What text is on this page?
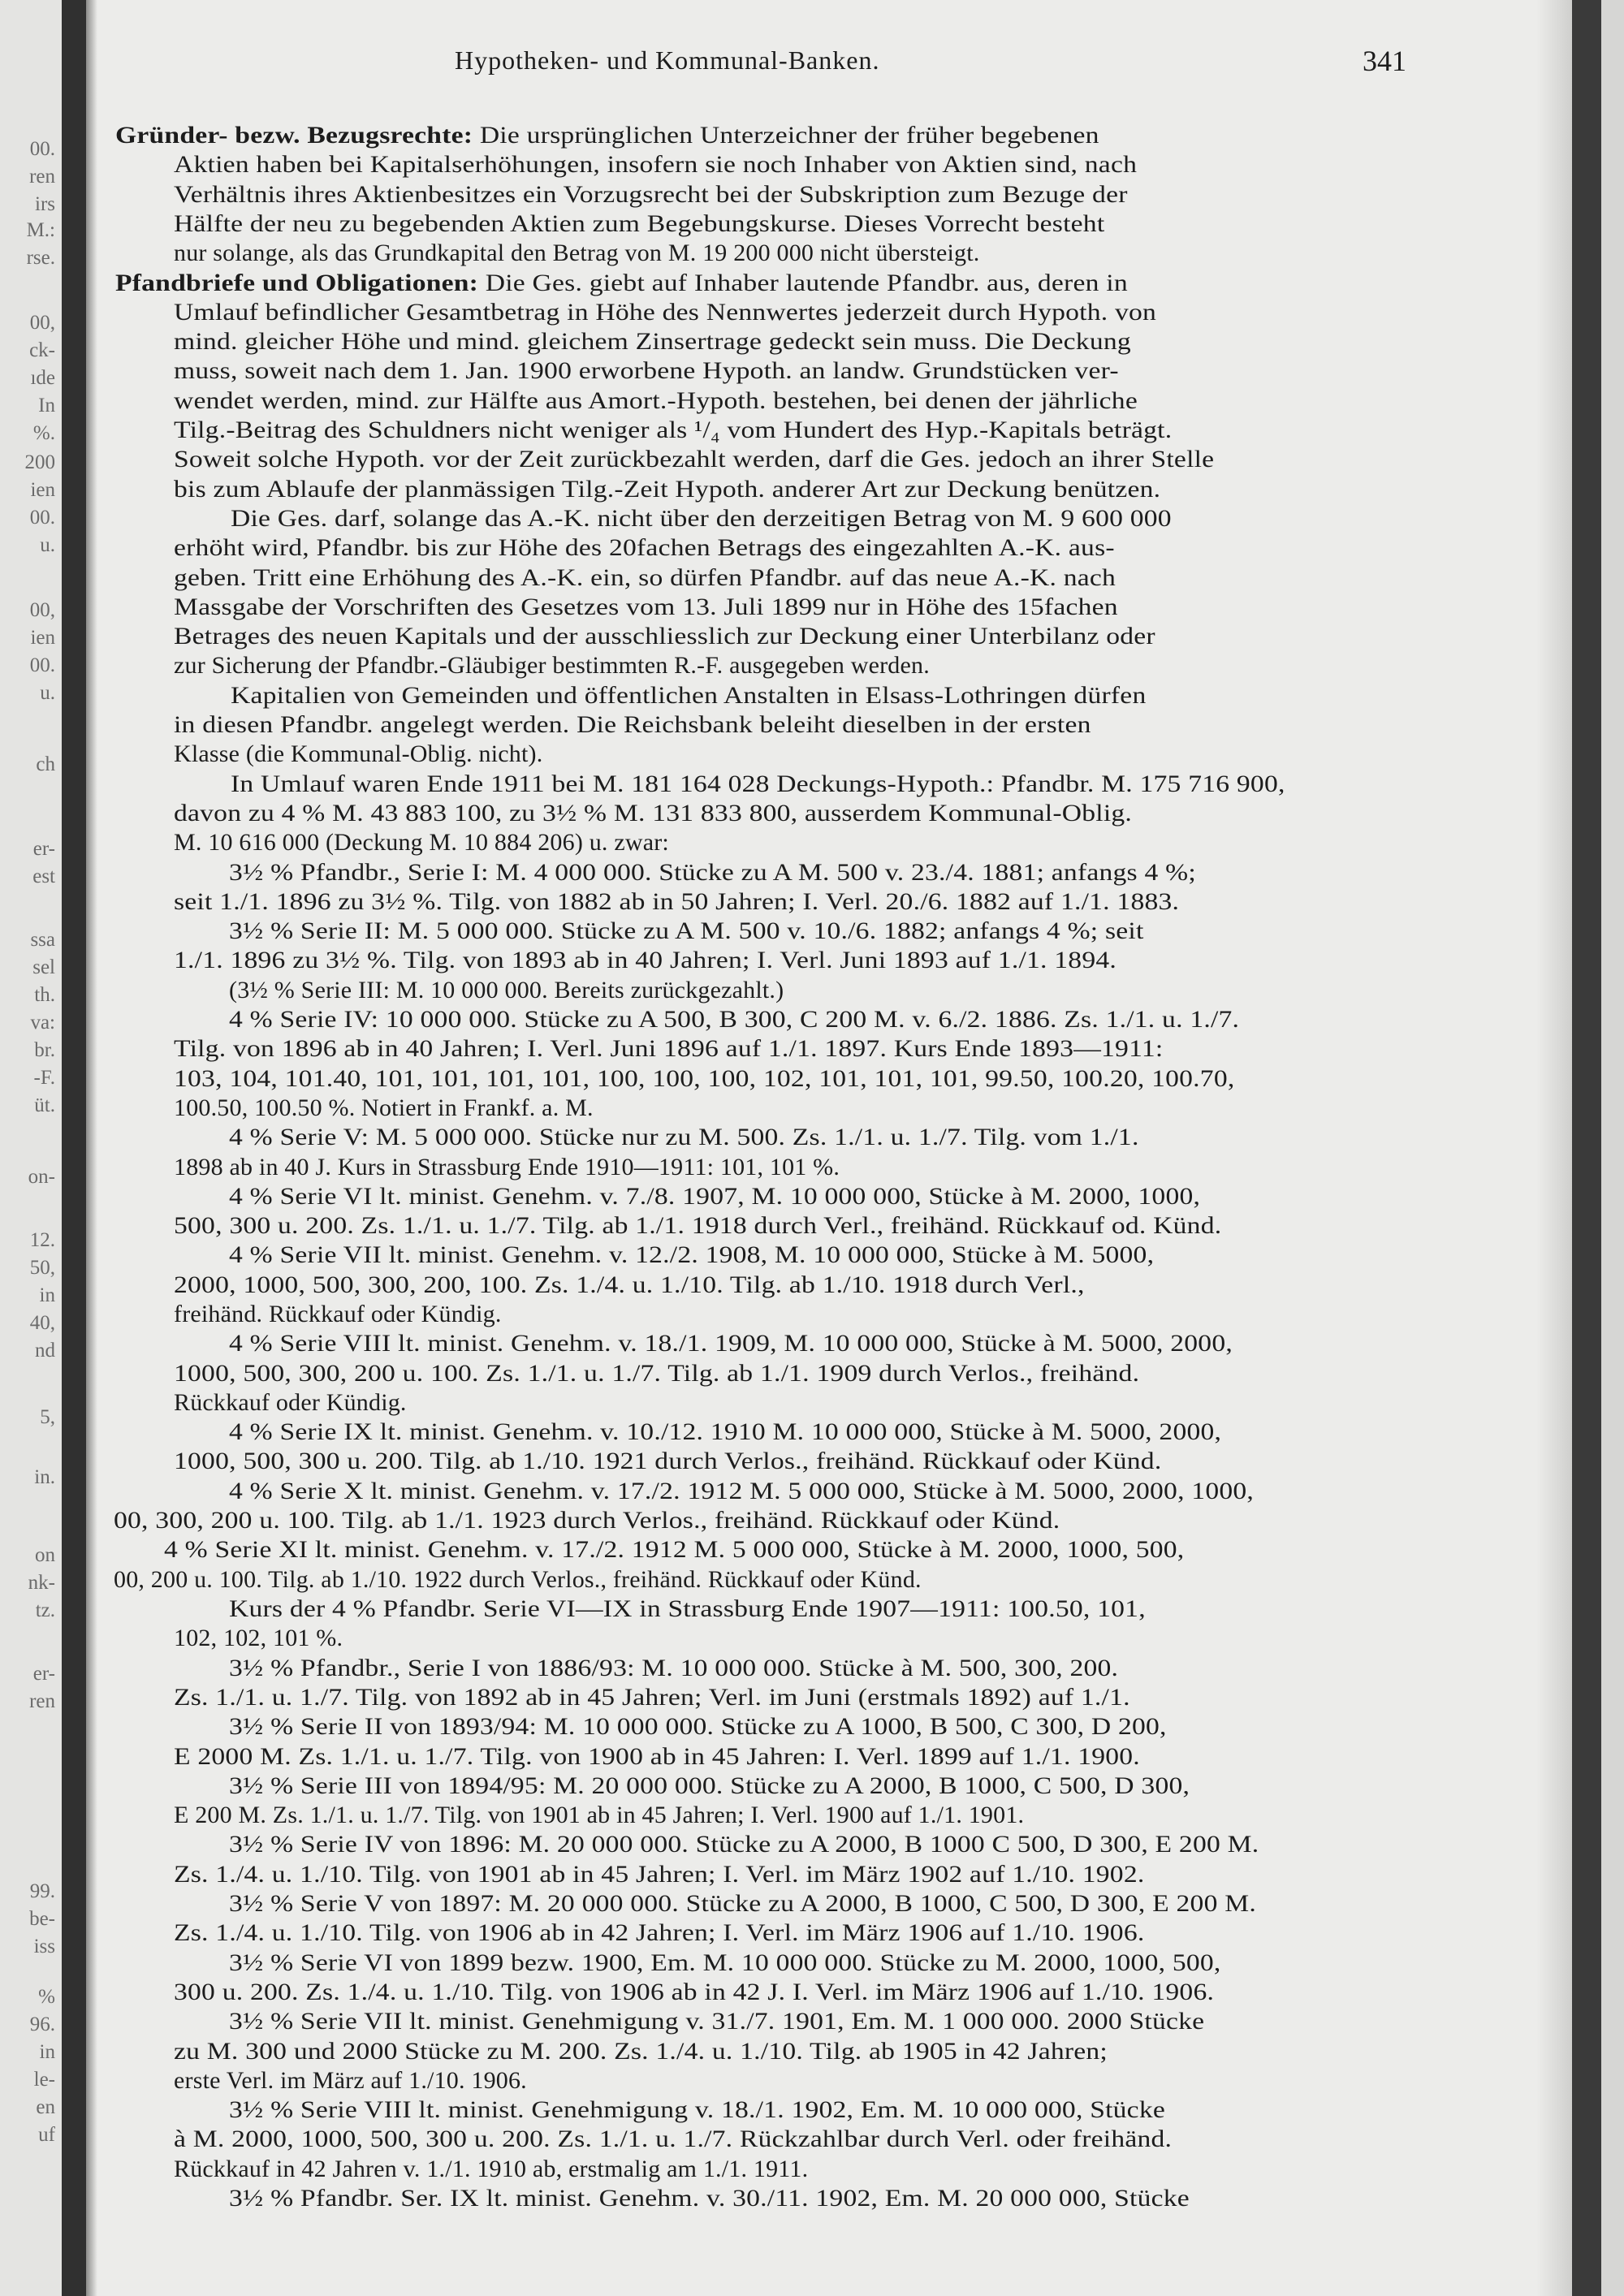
00.
ren
irs
M.:
rse.
00,
ck-
ıde
In
%.
200
ien
00.
u.
00,
ien
00.
u.
ch
er-
est
ssa
sel
th.
va:
br.
-F.
üt.
on-
12.
50,
in
40,
nd
5,
in.
on
nk-
tz.
er-
ren
99.
be-
iss
%
96.
in
le-
en
uf
Hypotheken- und Kommunal-Banken.	341
Gründer- bezw. Bezugsrechte: Die ursprünglichen Unterzeichner der früher begebenen
Aktien haben bei Kapitalserhöhungen, insofern sie noch Inhaber von Aktien sind, nach
Verhältnis ihres Aktienbesitzes ein Vorzugsrecht bei der Subskription zum Bezuge der
Hälfte der neu zu begebenden Aktien zum Begebungskurse. Dieses Vorrecht besteht
nur solange, als das Grundkapital den Betrag von M. 19 200 000 nicht übersteigt.
Pfandbriefe und Obligationen: Die Ges. giebt auf Inhaber lautende Pfandbr. aus, deren in
Umlauf befindlicher Gesamtbetrag in Höhe des Nennwertes jederzeit durch Hypoth. von
mind. gleicher Höhe und mind. gleichem Zinsertrage gedeckt sein muss. Die Deckung
muss, soweit nach dem 1. Jan. 1900 erworbene Hypoth. an landw. Grundstücken ver-
wendet werden, mind. zur Hälfte aus Amort.-Hypoth. bestehen, bei denen der jährliche
Tilg.-Beitrag des Schuldners nicht weniger als ¹/₄ vom Hundert des Hyp.-Kapitals beträgt.
Soweit solche Hypoth. vor der Zeit zurückbezahlt werden, darf die Ges. jedoch an ihrer Stelle
bis zum Ablaufe der planmässigen Tilg.-Zeit Hypoth. anderer Art zur Deckung benützen.
Die Ges. darf, solange das A.-K. nicht über den derzeitigen Betrag von M. 9 600 000
erhöht wird, Pfandbr. bis zur Höhe des 20fachen Betrags des eingezahlten A.-K. aus-
geben. Tritt eine Erhöhung des A.-K. ein, so dürfen Pfandbr. auf das neue A.-K. nach
Massgabe der Vorschriften des Gesetzes vom 13. Juli 1899 nur in Höhe des 15fachen
Betrages des neuen Kapitals und der ausschliesslich zur Deckung einer Unterbilanz oder
zur Sicherung der Pfandbr.-Gläubiger bestimmten R.-F. ausgegeben werden.
Kapitalien von Gemeinden und öffentlichen Anstalten in Elsass-Lothringen dürfen
in diesen Pfandbr. angelegt werden. Die Reichsbank beleiht dieselben in der ersten
Klasse (die Kommunal-Oblig. nicht).
In Umlauf waren Ende 1911 bei M. 181 164 028 Deckungs-Hypoth.: Pfandbr. M. 175 716 900,
davon zu 4 % M. 43 883 100, zu 3½ % M. 131 833 800, ausserdem Kommunal-Oblig.
M. 10 616 000 (Deckung M. 10 884 206) u. zwar:
3½ % Pfandbr., Serie I: M. 4 000 000. Stücke zu A M. 500 v. 23./4. 1881; anfangs 4 %;
seit 1./1. 1896 zu 3½ %. Tilg. von 1882 ab in 50 Jahren; I. Verl. 20./6. 1882 auf 1./1. 1883.
3½ % Serie II: M. 5 000 000. Stücke zu A M. 500 v. 10./6. 1882; anfangs 4 %; seit
1./1. 1896 zu 3½ %. Tilg. von 1893 ab in 40 Jahren; I. Verl. Juni 1893 auf 1./1. 1894.
(3½ % Serie III: M. 10 000 000. Bereits zurückgezahlt.)
4 % Serie IV: 10 000 000. Stücke zu A 500, B 300, C 200 M. v. 6./2. 1886. Zs. 1./1. u. 1./7.
Tilg. von 1896 ab in 40 Jahren; I. Verl. Juni 1896 auf 1./1. 1897. Kurs Ende 1893—1911:
103, 104, 101.40, 101, 101, 101, 101, 100, 100, 100, 102, 101, 101, 101, 99.50, 100.20, 100.70,
100.50, 100.50 %. Notiert in Frankf. a. M.
4 % Serie V: M. 5 000 000. Stücke nur zu M. 500. Zs. 1./1. u. 1./7. Tilg. vom 1./1.
1898 ab in 40 J. Kurs in Strassburg Ende 1910—1911: 101, 101 %.
4 % Serie VI lt. minist. Genehm. v. 7./8. 1907, M. 10 000 000, Stücke à M. 2000, 1000,
500, 300 u. 200. Zs. 1./1. u. 1./7. Tilg. ab 1./1. 1918 durch Verl., freihänd. Rückkauf od. Künd.
4 % Serie VII lt. minist. Genehm. v. 12./2. 1908, M. 10 000 000, Stücke à M. 5000,
2000, 1000, 500, 300, 200, 100. Zs. 1./4. u. 1./10. Tilg. ab 1./10. 1918 durch Verl.,
freihänd. Rückkauf oder Kündig.
4 % Serie VIII lt. minist. Genehm. v. 18./1. 1909, M. 10 000 000, Stücke à M. 5000, 2000,
1000, 500, 300, 200 u. 100. Zs. 1./1. u. 1./7. Tilg. ab 1./1. 1909 durch Verlos., freihänd.
Rückkauf oder Kündig.
4 % Serie IX lt. minist. Genehm. v. 10./12. 1910 M. 10 000 000, Stücke à M. 5000, 2000,
1000, 500, 300 u. 200. Tilg. ab 1./10. 1921 durch Verlos., freihänd. Rückkauf oder Künd.
4 % Serie X lt. minist. Genehm. v. 17./2. 1912 M. 5 000 000, Stücke à M. 5000, 2000, 1000,
00, 300, 200 u. 100. Tilg. ab 1./1. 1923 durch Verlos., freihänd. Rückkauf oder Künd.
4 % Serie XI lt. minist. Genehm. v. 17./2. 1912 M. 5 000 000, Stücke à M. 2000, 1000, 500,
00, 200 u. 100. Tilg. ab 1./10. 1922 durch Verlos., freihänd. Rückkauf oder Künd.
Kurs der 4 % Pfandbr. Serie VI—IX in Strassburg Ende 1907—1911: 100.50, 101,
102, 102, 101 %.
3½ % Pfandbr., Serie I von 1886/93: M. 10 000 000. Stücke à M. 500, 300, 200.
Zs. 1./1. u. 1./7. Tilg. von 1892 ab in 45 Jahren; Verl. im Juni (erstmals 1892) auf 1./1.
3½ % Serie II von 1893/94: M. 10 000 000. Stücke zu A 1000, B 500, C 300, D 200,
E 2000 M. Zs. 1./1. u. 1./7. Tilg. von 1900 ab in 45 Jahren: I. Verl. 1899 auf 1./1. 1900.
3½ % Serie III von 1894/95: M. 20 000 000. Stücke zu A 2000, B 1000, C 500, D 300,
E 200 M. Zs. 1./1. u. 1./7. Tilg. von 1901 ab in 45 Jahren; I. Verl. 1900 auf 1./1. 1901.
3½ % Serie IV von 1896: M. 20 000 000. Stücke zu A 2000, B 1000 C 500, D 300, E 200 M.
Zs. 1./4. u. 1./10. Tilg. von 1901 ab in 45 Jahren; I. Verl. im März 1902 auf 1./10. 1902.
3½ % Serie V von 1897: M. 20 000 000. Stücke zu A 2000, B 1000, C 500, D 300, E 200 M.
Zs. 1./4. u. 1./10. Tilg. von 1906 ab in 42 Jahren; I. Verl. im März 1906 auf 1./10. 1906.
3½ % Serie VI von 1899 bezw. 1900, Em. M. 10 000 000. Stücke zu M. 2000, 1000, 500,
300 u. 200. Zs. 1./4. u. 1./10. Tilg. von 1906 ab in 42 J. I. Verl. im März 1906 auf 1./10. 1906.
3½ % Serie VII lt. minist. Genehmigung v. 31./7. 1901, Em. M. 1 000 000. 2000 Stücke
zu M. 300 und 2000 Stücke zu M. 200. Zs. 1./4. u. 1./10. Tilg. ab 1905 in 42 Jahren;
erste Verl. im März auf 1./10. 1906.
3½ % Serie VIII lt. minist. Genehmigung v. 18./1. 1902, Em. M. 10 000 000, Stücke
à M. 2000, 1000, 500, 300 u. 200. Zs. 1./1. u. 1./7. Rückzahlbar durch Verl. oder freihänd.
Rückkauf in 42 Jahren v. 1./1. 1910 ab, erstmalig am 1./1. 1911.
3½ % Pfandbr. Ser. IX lt. minist. Genehm. v. 30./11. 1902, Em. M. 20 000 000, Stücke
